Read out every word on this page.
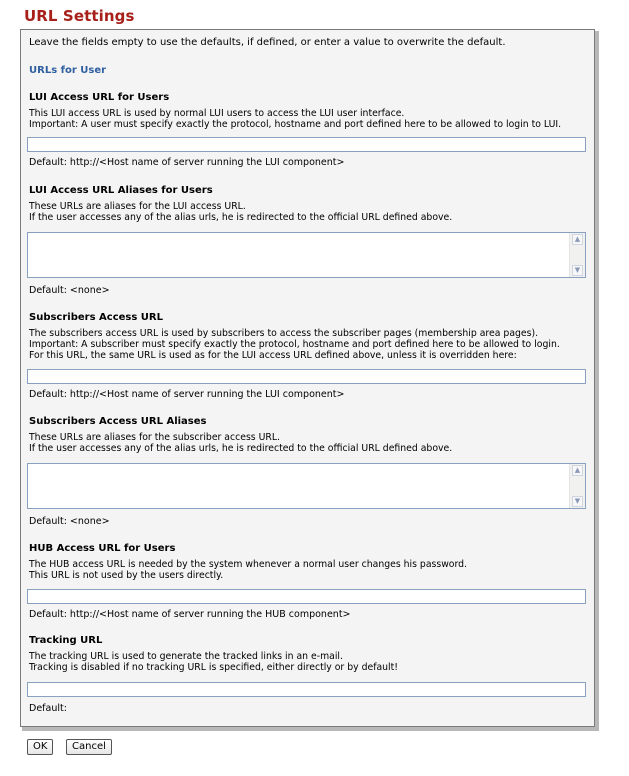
URL Settings
Leave the fields empty to use the defaults, if defined, or enter a value to overwrite the default.
URLs for User
LUI Access URL for Users
This LUI access URL is used by normal LUI users to access the LUI user interface.
Important: A user must specify exactly the protocol, hostname and port defined here to be allowed to login to LUI.
Default: http://<Host name of server running the LUI component>
LUI Access URL Aliases for Users
These URLs are aliases for the LUI access URL.
If the user accesses any of the alias urls, he is redirected to the official URL defined above.
▲
▼
Default: <none>
Subscribers Access URL
The subscribers access URL is used by subscribers to access the subscriber pages (membership area pages).
Important: A subscriber must specify exactly the protocol, hostname and port defined here to be allowed to login.
For this URL, the same URL is used as for the LUI access URL defined above, unless it is overridden here:
Default: http://<Host name of server running the LUI component>
Subscribers Access URL Aliases
These URLs are aliases for the subscriber access URL.
If the user accesses any of the alias urls, he is redirected to the official URL defined above.
▲
▼
Default: <none>
HUB Access URL for Users
The HUB access URL is needed by the system whenever a normal user changes his password.
This URL is not used by the users directly.
Default: http://<Host name of server running the HUB component>
Tracking URL
The tracking URL is used to generate the tracked links in an e-mail.
Tracking is disabled if no tracking URL is specified, either directly or by default!
Default:
OK	Cancel
